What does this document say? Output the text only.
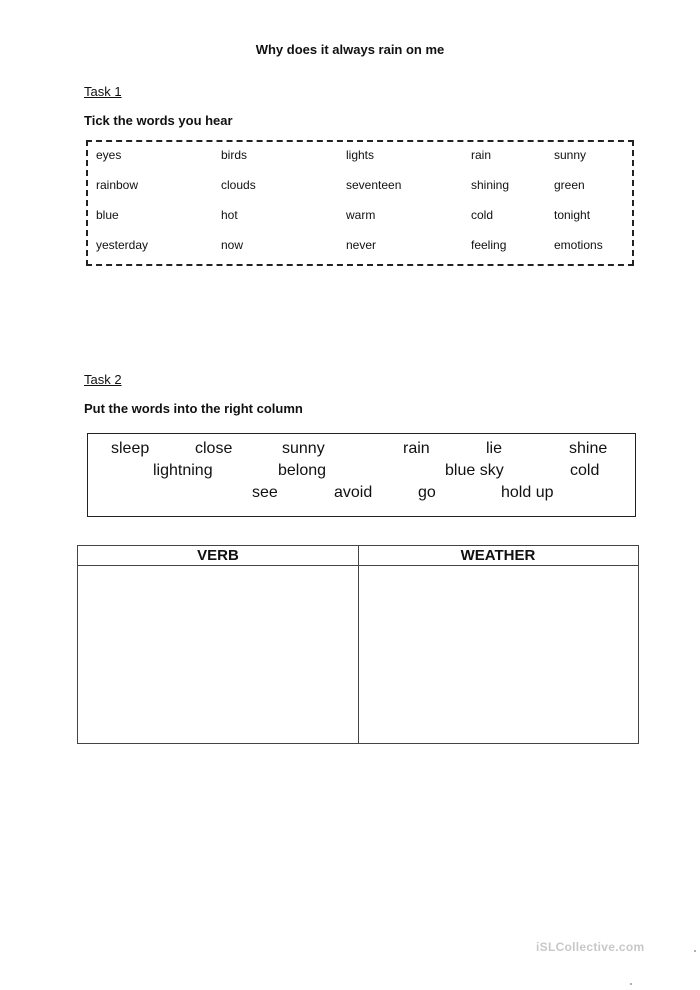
Why does it always rain on me
Task 1
Tick the words you hear
eyes	birds	lights	rain	sunny
rainbow	clouds	seventeen	shining	green
blue	hot	warm	cold	tonight
yesterday	now	never	feeling	emotions
Task 2
Put the words into the right column
sleep	close	sunny	rain	lie	shine
lightning	belong	blue sky	cold
see	avoid	go	hold up
VERB	WEATHER
iSLCollective.com
